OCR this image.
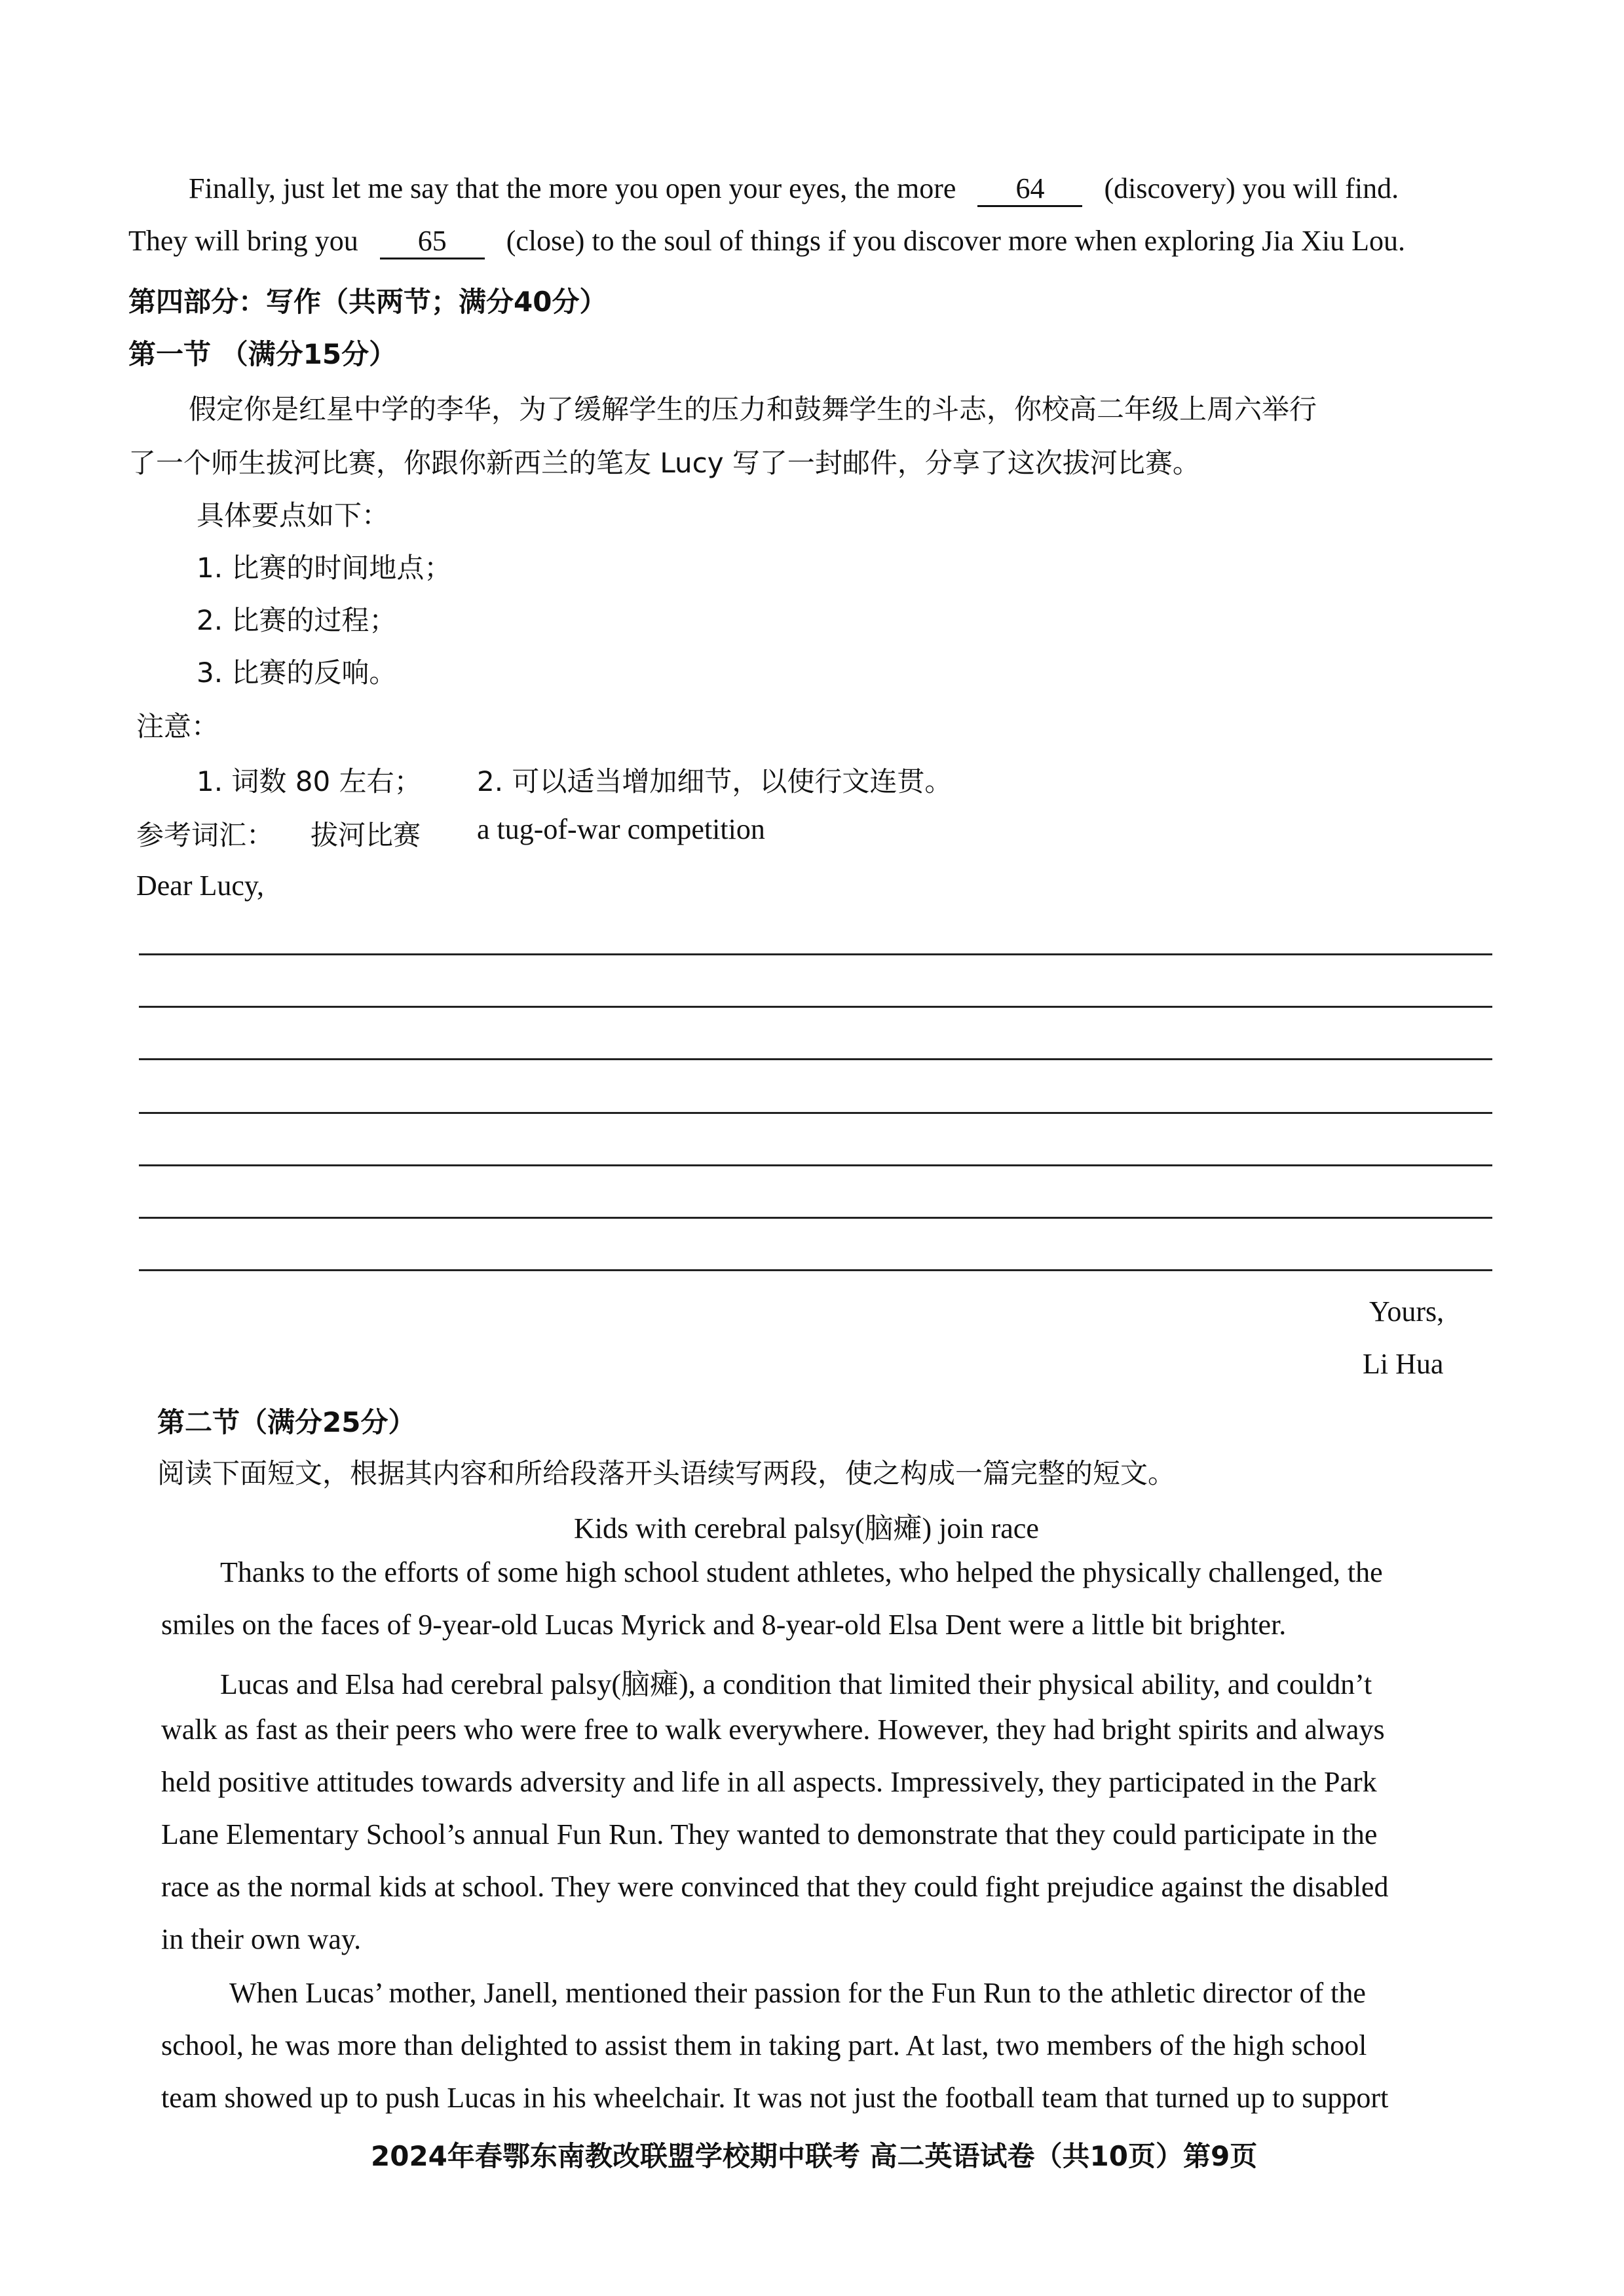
Finally, just let me say that the more you open your eyes, the more 64 (discovery) you will find.
They will bring you 65 (close) to the soul of things if you discover more when exploring Jia Xiu Lou.
第四部分：写作（共两节；满分40分）
第一节 （满分15分）
假定你是红星中学的李华，为了缓解学生的压力和鼓舞学生的斗志，你校高二年级上周六举行
了一个师生拔河比赛，你跟你新西兰的笔友 Lucy 写了一封邮件，分享了这次拔河比赛。
具体要点如下：
1. 比赛的时间地点；
2. 比赛的过程；
3. 比赛的反响。
注意：
1. 词数 80 左右； 2. 可以适当增加细节，以使行文连贯。
参考词汇： 拔河比赛 a tug-of-war competition
Dear Lucy,
Yours,
Li Hua
第二节（满分25分）
阅读下面短文，根据其内容和所给段落开头语续写两段，使之构成一篇完整的短文。
Kids with cerebral palsy(脑瘫) join race
Thanks to the efforts of some high school student athletes, who helped the physically challenged, the
smiles on the faces of 9-year-old Lucas Myrick and 8-year-old Elsa Dent were a little bit brighter.
Lucas and Elsa had cerebral palsy(脑瘫), a condition that limited their physical ability, and couldn’t
walk as fast as their peers who were free to walk everywhere. However, they had bright spirits and always
held positive attitudes towards adversity and life in all aspects. Impressively, they participated in the Park
Lane Elementary School’s annual Fun Run. They wanted to demonstrate that they could participate in the
race as the normal kids at school. They were convinced that they could fight prejudice against the disabled
in their own way.
When Lucas’ mother, Janell, mentioned their passion for the Fun Run to the athletic director of the
school, he was more than delighted to assist them in taking part. At last, two members of the high school
team showed up to push Lucas in his wheelchair. It was not just the football team that turned up to support
2024年春鄂东南教改联盟学校期中联考 高二英语试卷（共10页）第9页
